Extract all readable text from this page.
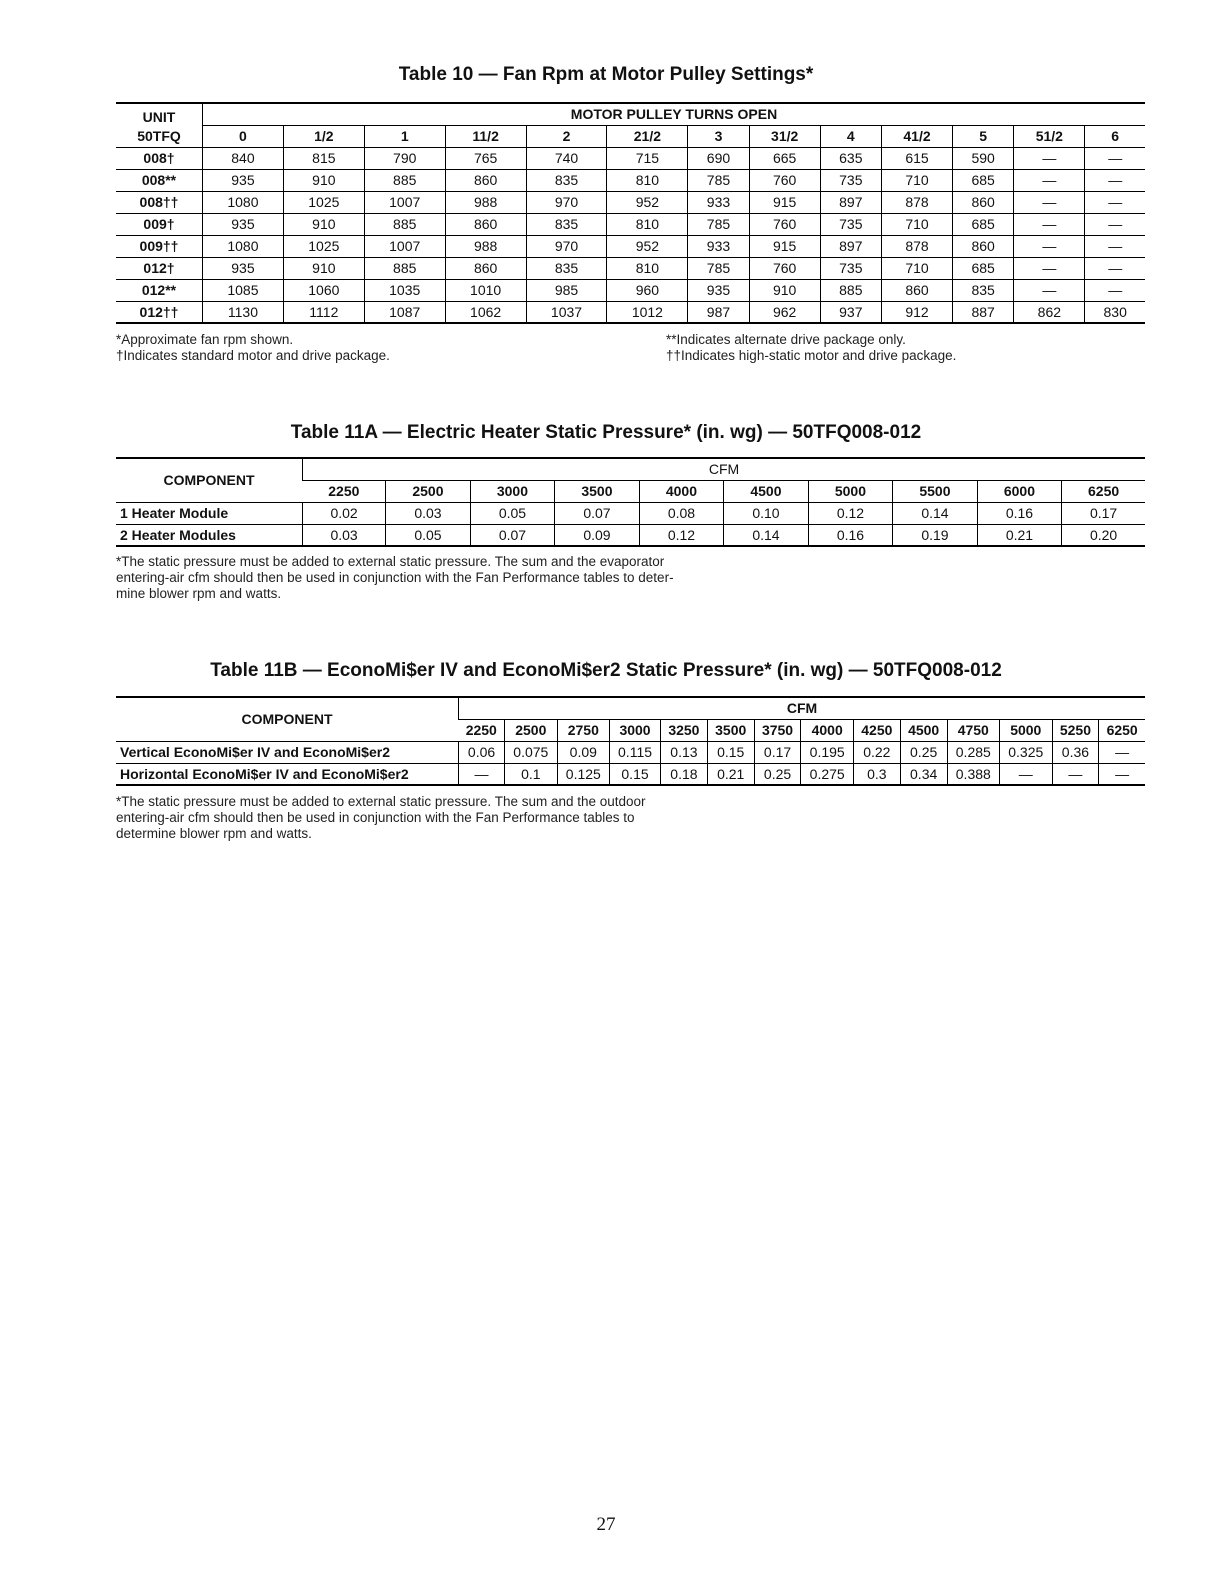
Table 10 — Fan Rpm at Motor Pulley Settings*
UNIT	MOTOR PULLEY TURNS OPEN												
50TFQ	0	1/2	1	11/2	2	21/2	3	31/2	4	41/2	5	51/2	6
008†	840	815	790	765	740	715	690	665	635	615	590	—	—
008**	935	910	885	860	835	810	785	760	735	710	685	—	—
008††	1080	1025	1007	988	970	952	933	915	897	878	860	—	—
009†	935	910	885	860	835	810	785	760	735	710	685	—	—
009††	1080	1025	1007	988	970	952	933	915	897	878	860	—	—
012†	935	910	885	860	835	810	785	760	735	710	685	—	—
012**	1085	1060	1035	1010	985	960	935	910	885	860	835	—	—
012††	1130	1112	1087	1062	1037	1012	987	962	937	912	887	862	830
*Approximate fan rpm shown.
†Indicates standard motor and drive package.
**Indicates alternate drive package only.
††Indicates high-static motor and drive package.
Table 11A — Electric Heater Static Pressure* (in. wg) — 50TFQ008-012
COMPONENT	CFM									
	2250	2500	3000	3500	4000	4500	5000	5500	6000	6250
1 Heater Module	0.02	0.03	0.05	0.07	0.08	0.10	0.12	0.14	0.16	0.17
2 Heater Modules	0.03	0.05	0.07	0.09	0.12	0.14	0.16	0.19	0.21	0.20
*The static pressure must be added to external static pressure. The sum and the evaporator
entering-air cfm should then be used in conjunction with the Fan Performance tables to deter-
mine blower rpm and watts.
Table 11B — EconoMi$er IV and EconoMi$er2 Static Pressure* (in. wg) — 50TFQ008-012
COMPONENT	CFM													
	2250	2500	2750	3000	3250	3500	3750	4000	4250	4500	4750	5000	5250	6250
Vertical EconoMi$er IV and EconoMi$er2	0.06	0.075	0.09	0.115	0.13	0.15	0.17	0.195	0.22	0.25	0.285	0.325	0.36	—
Horizontal EconoMi$er IV and EconoMi$er2	—	0.1	0.125	0.15	0.18	0.21	0.25	0.275	0.3	0.34	0.388	—	—	—
*The static pressure must be added to external static pressure. The sum and the outdoor
entering-air cfm should then be used in conjunction with the Fan Performance tables to
determine blower rpm and watts.
27
